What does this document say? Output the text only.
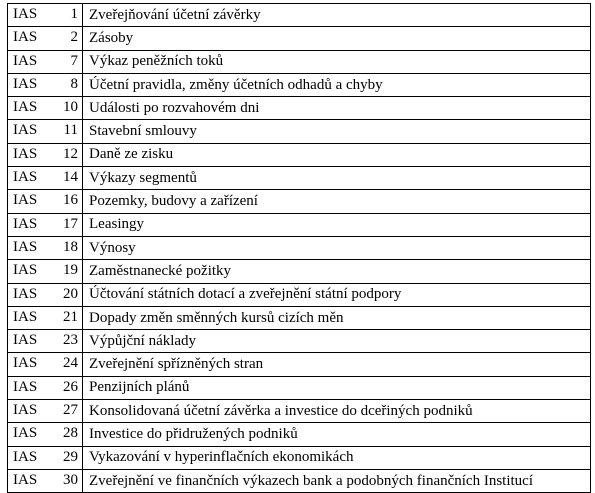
IAS 1	Zveřejňování účetní závěrky

IAS 2	Zásoby

IAS 7	Výkaz peněžních toků

IAS 8	Účetní pravidla, změny účetních odhadů a chyby

IAS 10	Události po rozvahovém dni

IAS 11	Stavební smlouvy

IAS 12	Daně ze zisku

IAS 14	Výkazy segmentů

IAS 16	Pozemky, budovy a zařízení

IAS 17	Leasingy

IAS 18	Výnosy

IAS 19	Zaměstnanecké požitky

IAS 20	Účtování státních dotací a zveřejnění státní podpory

IAS 21	Dopady změn směnných kursů cizích měn

IAS 23	Výpůjční náklady

IAS 24	Zveřejnění spřízněných stran

IAS 26	Penzijních plánů

IAS 27	Konsolidovaná účetní závěrka a investice do dceřiných podniků

IAS 28	Investice do přidružených podniků

IAS 29	Vykazování v hyperinflačních ekonomikách

IAS 30	Zveřejnění ve finančních výkazech bank a podobných finančních Institucí
